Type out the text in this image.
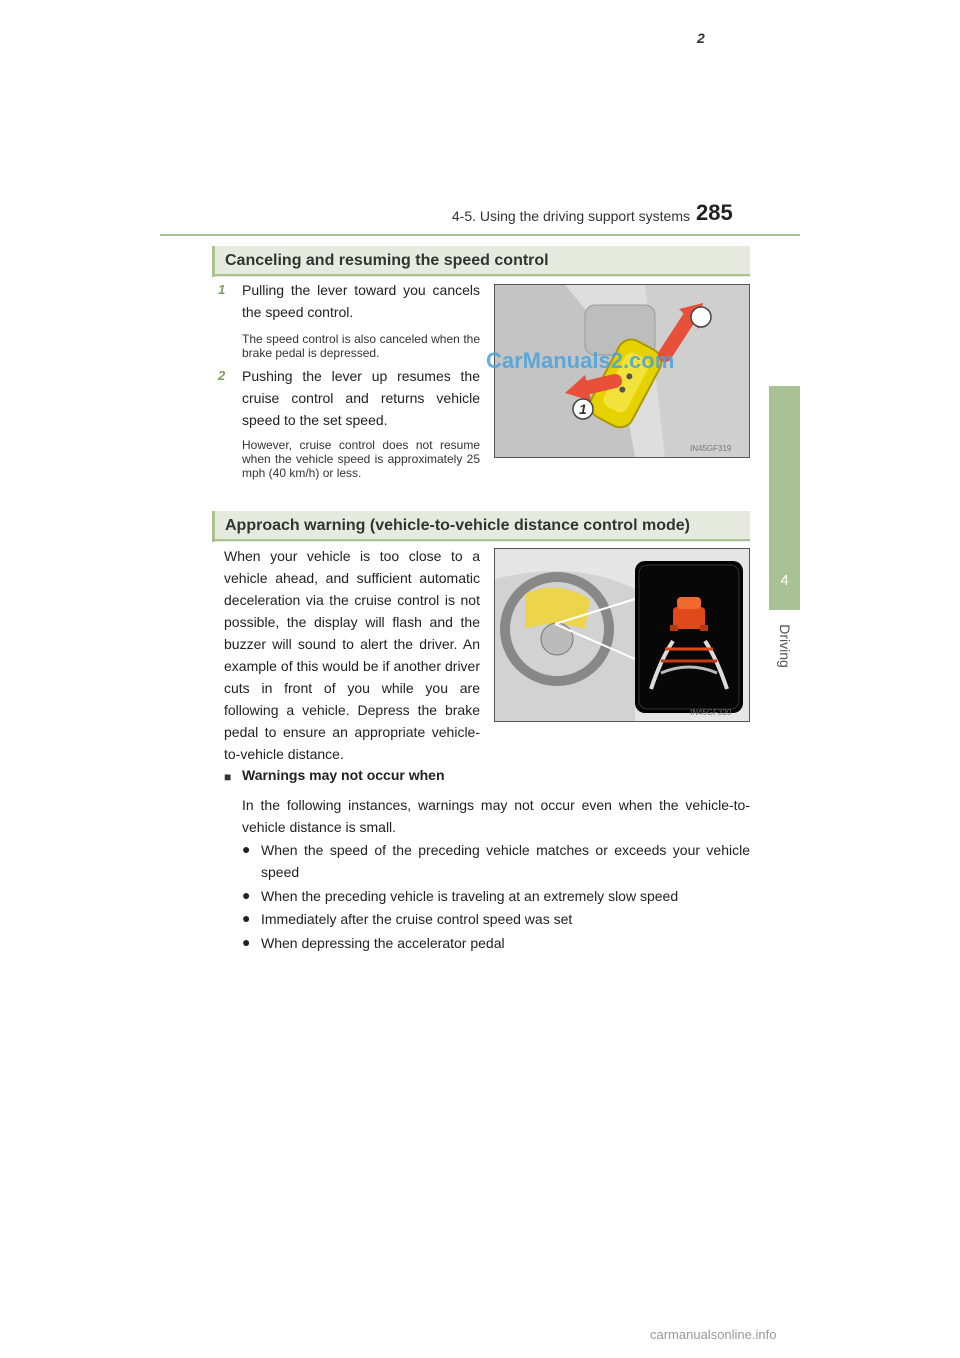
4-5. Using the driving support systems 285
4
Driving
Canceling and resuming the speed control
1	Pulling the lever toward you cancels the speed control.
The speed control is also canceled when the brake pedal is depressed.
2	Pushing the lever up resumes the cruise control and returns vehicle speed to the set speed.
However, cruise control does not resume when the vehicle speed is approximately 25 mph (40 km/h) or less.
2
1
IN45GF319
CarManuals2.com
Approach warning (vehicle-to-vehicle distance control mode)
When your vehicle is too close to a vehicle ahead, and sufficient automatic deceleration via the cruise control is not possible, the display will flash and the buzzer will sound to alert the driver. An example of this would be if another driver cuts in front of you while you are following a vehicle. Depress the brake pedal to ensure an appropriate vehicle-to-vehicle distance.
IN45GF320
■ Warnings may not occur when
In the following instances, warnings may not occur even when the vehicle-to-vehicle distance is small.
● When the speed of the preceding vehicle matches or exceeds your vehicle speed
● When the preceding vehicle is traveling at an extremely slow speed
● Immediately after the cruise control speed was set
● When depressing the accelerator pedal
carmanualsonline.info
